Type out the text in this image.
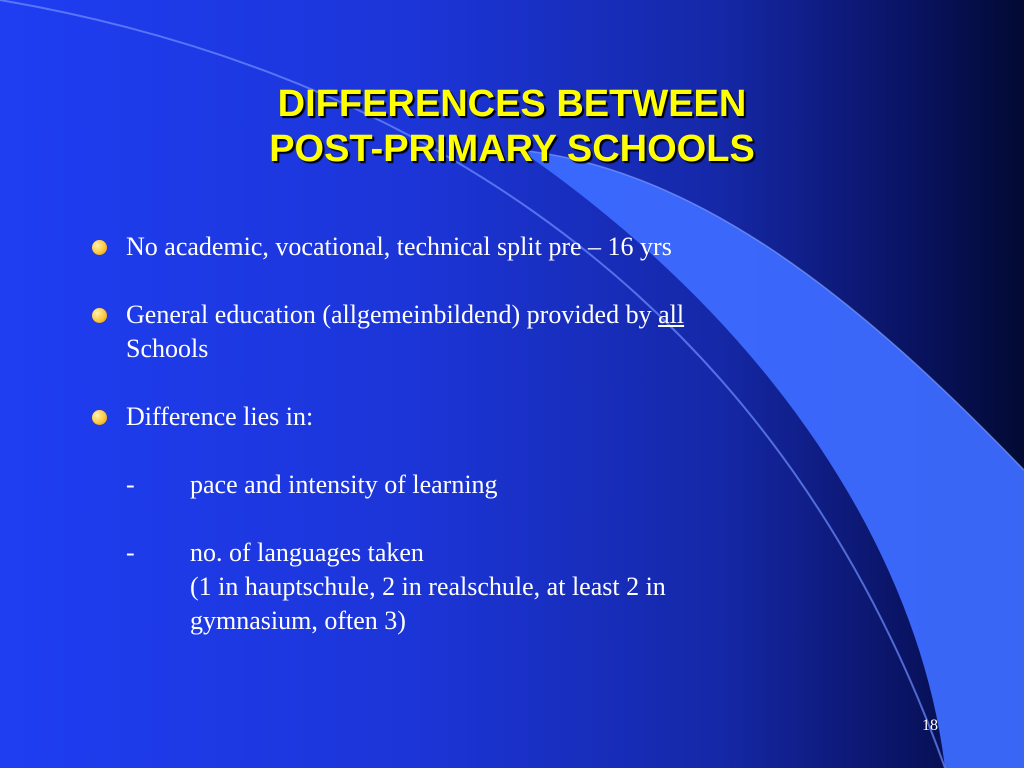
DIFFERENCES BETWEEN
POST-PRIMARY SCHOOLS
No academic, vocational, technical split pre – 16 yrs
General education (allgemeinbildend) provided by all
Schools
Difference lies in:
- pace and intensity of learning
- no. of languages taken
(1 in hauptschule, 2 in realschule, at least 2 in
gymnasium, often 3)
18
